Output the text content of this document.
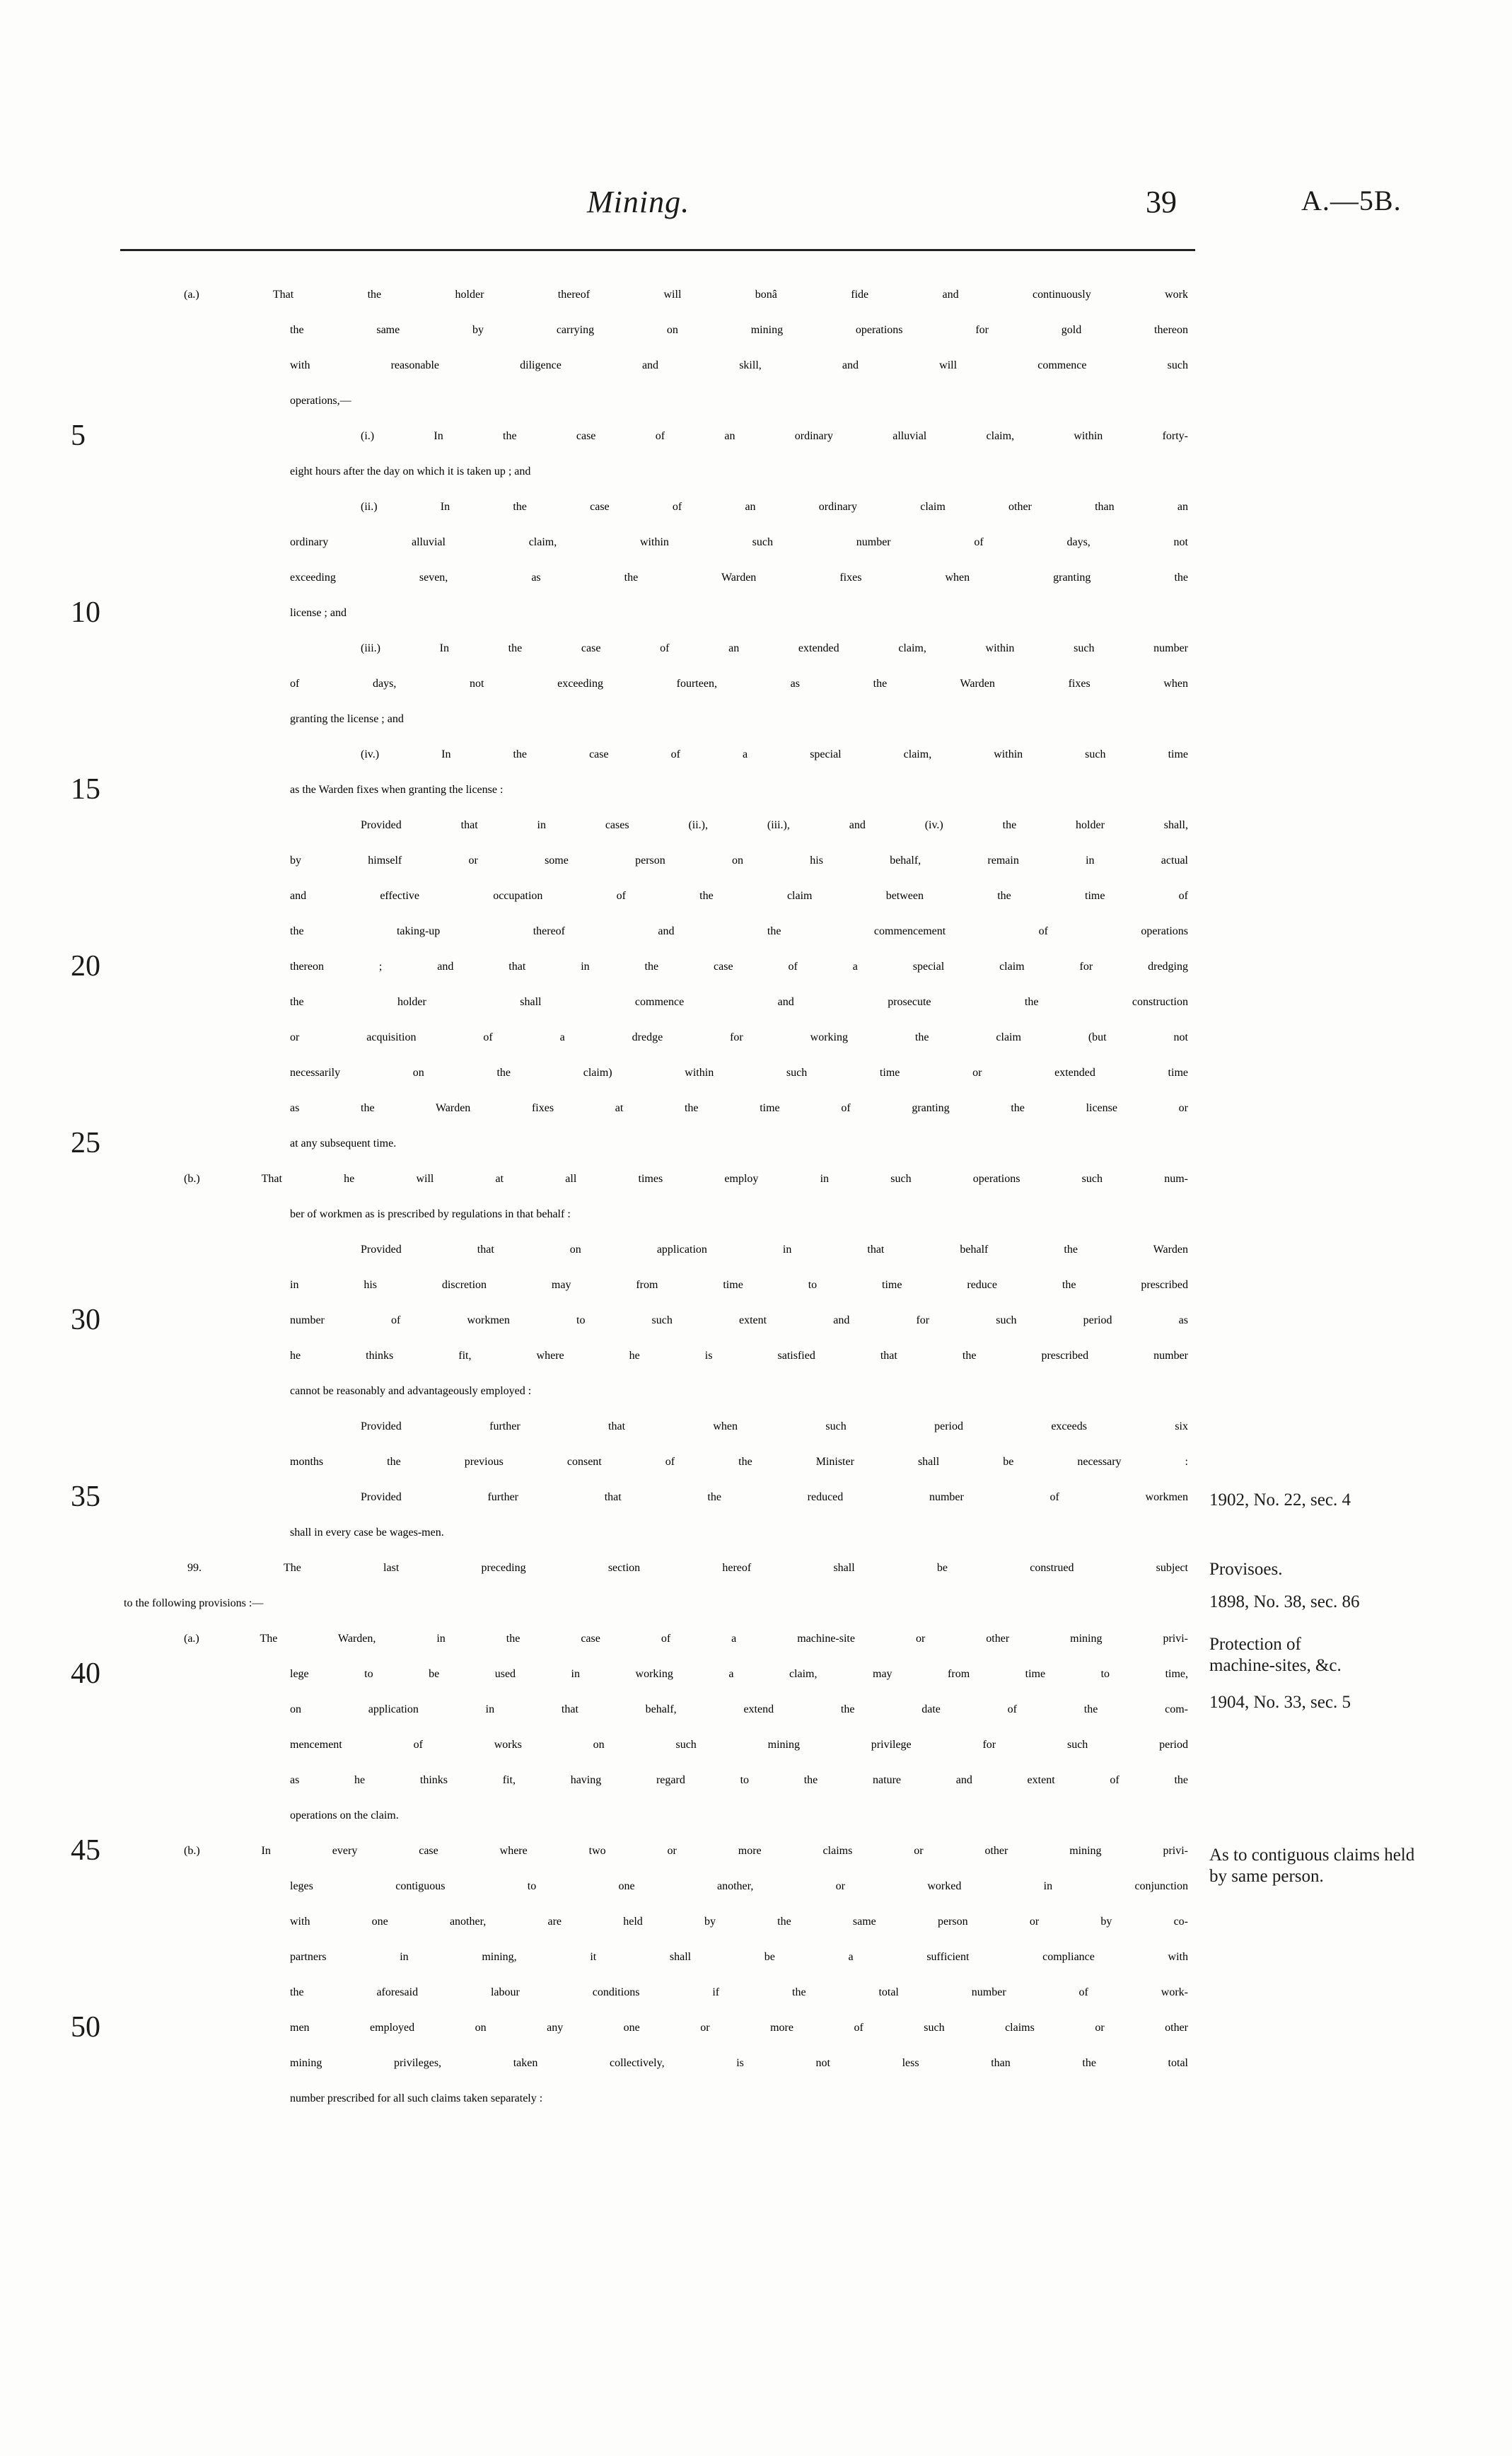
Mining.	39	A.—5B.
5
10
15
20
25
30
35
40
45
50
(a.) That the holder thereof will bonâ fide and continuously work
the same by carrying on mining operations for gold thereon
with reasonable diligence and skill, and will commence such
operations,—
(i.) In the case of an ordinary alluvial claim, within forty-
eight hours after the day on which it is taken up ; and
(ii.) In the case of an ordinary claim other than an
ordinary alluvial claim, within such number of days, not
exceeding seven, as the Warden fixes when granting the
license ; and
(iii.) In the case of an extended claim, within such number
of days, not exceeding fourteen, as the Warden fixes when
granting the license ; and
(iv.) In the case of a special claim, within such time
as the Warden fixes when granting the license :
Provided that in cases (ii.), (iii.), and (iv.) the holder shall,
by himself or some person on his behalf, remain in actual
and effective occupation of the claim between the time of
the taking-up thereof and the commencement of operations
thereon ; and that in the case of a special claim for dredging
the holder shall commence and prosecute the construction
or acquisition of a dredge for working the claim (but not
necessarily on the claim) within such time or extended time
as the Warden fixes at the time of granting the license or
at any subsequent time.
(b.) That he will at all times employ in such operations such num-
ber of workmen as is prescribed by regulations in that behalf :
Provided that on application in that behalf the Warden
in his discretion may from time to time reduce the prescribed
number of workmen to such extent and for such period as
he thinks fit, where he is satisfied that the prescribed number
cannot be reasonably and advantageously employed :
Provided further that when such period exceeds six
months the previous consent of the Minister shall be necessary :
Provided further that the reduced number of workmen
shall in every case be wages-men.
99. The last preceding section hereof shall be construed subject
to the following provisions :—
(a.) The Warden, in the case of a machine-site or other mining privi-
lege to be used in working a claim, may from time to time,
on application in that behalf, extend the date of the com-
mencement of works on such mining privilege for such period
as he thinks fit, having regard to the nature and extent of the
operations on the claim.
(b.) In every case where two or more claims or other mining privi-
leges contiguous to one another, or worked in conjunction
with one another, are held by the same person or by co-
partners in mining, it shall be a sufficient compliance with
the aforesaid labour conditions if the total number of work-
men employed on any one or more of such claims or other
mining privileges, taken collectively, is not less than the total
number prescribed for all such claims taken separately :
1902, No. 22, sec. 4
Provisoes.
1898, No. 38, sec. 86
Protection of machine-sites, &c.
1904, No. 33, sec. 5
As to contiguous claims held by same person.
